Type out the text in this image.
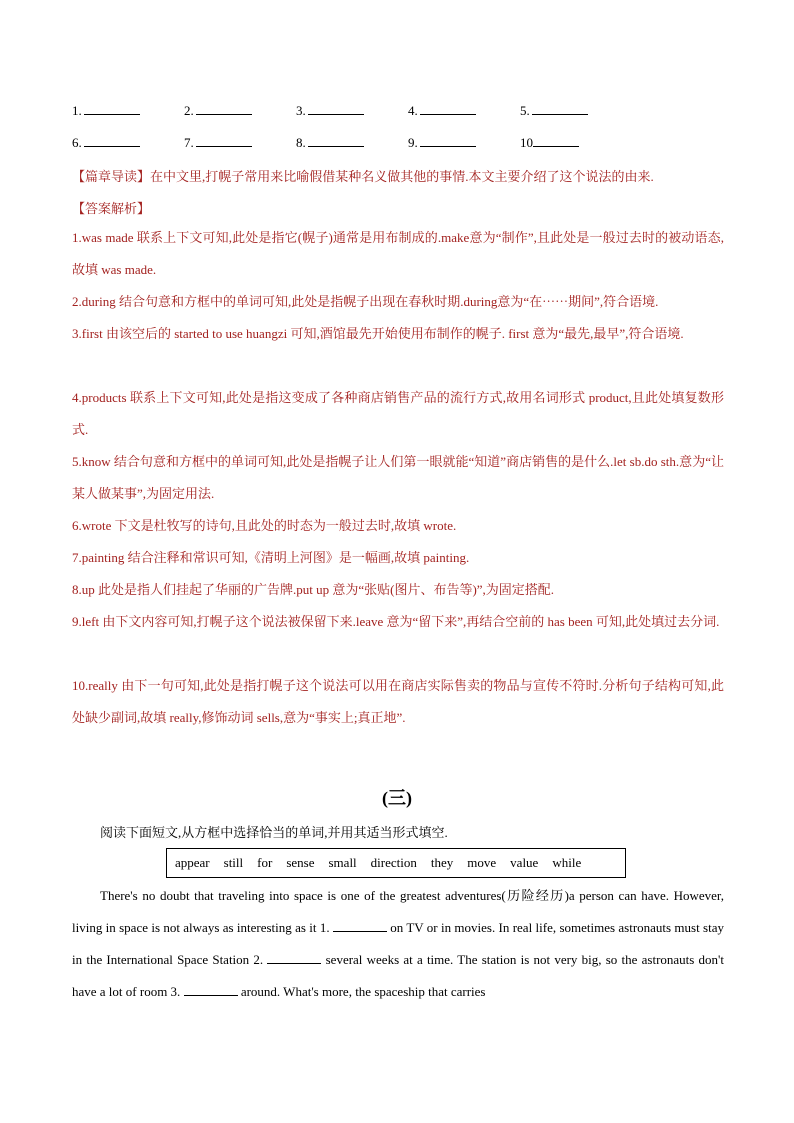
1.	2.	3.	4.	5.
6.	7.	8.	9.	10
【篇章导读】在中文里,打幌子常用来比喻假借某种名义做其他的事情.本文主要介绍了这个说法的由来.
【答案解析】
1.was made 联系上下文可知,此处是指它(幌子)通常是用布制成的.make意为“制作”,且此处是一般过去时的被动语态,故填 was made.
2.during 结合句意和方框中的单词可知,此处是指幌子出现在春秋时期.during意为“在⋯⋯期间”,符合语境.
3.first 由该空后的 started to use huangzi 可知,酒馆最先开始使用布制作的幌子. first 意为“最先,最早”,符合语境.
4.products 联系上下文可知,此处是指这变成了各种商店销售产品的流行方式,故用名词形式 product,且此处填复数形式.
5.know 结合句意和方框中的单词可知,此处是指幌子让人们第一眼就能“知道”商店销售的是什么.let sb.do sth.意为“让某人做某事”,为固定用法.
6.wrote 下文是杜牧写的诗句,且此处的时态为一般过去时,故填 wrote.
7.painting 结合注释和常识可知,《清明上河图》是一幅画,故填 painting.
8.up 此处是指人们挂起了华丽的广告牌.put up 意为“张贴(图片、布告等)”,为固定搭配.
9.left 由下文内容可知,打幌子这个说法被保留下来.leave 意为“留下来”,再结合空前的 has been 可知,此处填过去分词.
10.really 由下一句可知,此处是指打幌子这个说法可以用在商店实际售卖的物品与宣传不符时.分析句子结构可知,此处缺少副词,故填 really,修饰动词 sells,意为“事实上;真正地”.
(三)
阅读下面短文,从方框中选择恰当的单词,并用其适当形式填空.
appear still for sense small direction they move value while
There's no doubt that traveling into space is one of the greatest adventures(历险经历)a person can have. However, living in space is not always as interesting as it 1.	on TV or in movies. In real life, sometimes astronauts must stay in the International Space Station 2.	several weeks at a time. The station is not very big, so the astronauts don't have a lot of room 3.	around. What's more, the spaceship that carries
